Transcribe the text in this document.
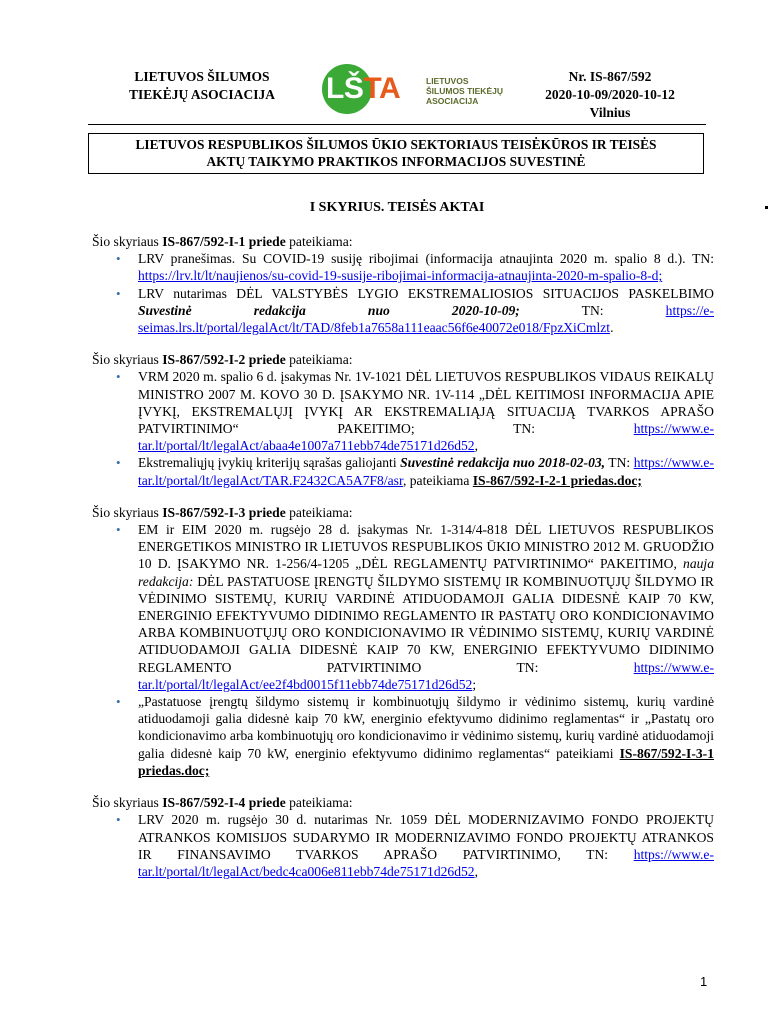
LIETUVOS ŠILUMOS
TIEKĖJŲ ASOCIACIJA	LŠTA	LIETUVOS
ŠILUMOS TIEKĖJŲ
ASOCIACIJA
Nr. IS-867/592
2020-10-09/2020-10-12
Vilnius
LIETUVOS RESPUBLIKOS ŠILUMOS ŪKIO SEKTORIAUS TEISĖKŪROS IR TEISĖS
AKTŲ TAIKYMO PRAKTIKOS INFORMACIJOS SUVESTINĖ
I SKYRIUS. TEISĖS AKTAI

Šio skyriaus IS-867/592-I-1 priede pateikiama:

• LRV pranešimas. Su COVID-19 susiję ribojimai (informacija atnaujinta 2020 m. spalio 8 d.). TN: https://lrv.lt/lt/naujienos/su-covid-19-susije-ribojimai-informacija-atnaujinta-2020-m-spalio-8-d;
• LRV nutarimas DĖL VALSTYBĖS LYGIO EKSTREMALIOSIOS SITUACIJOS PASKELBIMO Suvestinė redakcija nuo 2020-10-09; TN: https://e-seimas.lrs.lt/portal/legalAct/lt/TAD/8feb1a7658a111eaac56f6e40072e018/FpzXiCmlzt.

Šio skyriaus IS-867/592-I-2 priede pateikiama:

• VRM 2020 m. spalio 6 d. įsakymas Nr. 1V-1021 DĖL LIETUVOS RESPUBLIKOS VIDAUS REIKALŲ MINISTRO 2007 M. KOVO 30 D. ĮSAKYMO NR. 1V-114 „DĖL KEITIMOSI INFORMACIJA APIE ĮVYKĮ, EKSTREMALŲJĮ ĮVYKĮ AR EKSTREMALIĄJĄ SITUACIJĄ TVARKOS APRAŠO PATVIRTINIMO“ PAKEITIMO; TN: https://www.e-tar.lt/portal/lt/legalAct/abaa4e1007a711ebb74de75171d26d52,
• Ekstremaliųjų įvykių kriterijų sąrašas galiojanti Suvestinė redakcija nuo 2018-02-03, TN: https://www.e-tar.lt/portal/lt/legalAct/TAR.F2432CA5A7F8/asr, pateikiama IS-867/592-I-2-1 priedas.doc;

Šio skyriaus IS-867/592-I-3 priede pateikiama:

• EM ir EIM 2020 m. rugsėjo 28 d. įsakymas Nr. 1-314/4-818 DĖL LIETUVOS RESPUBLIKOS ENERGETIKOS MINISTRO IR LIETUVOS RESPUBLIKOS ŪKIO MINISTRO 2012 M. GRUODŽIO 10 D. ĮSAKYMO NR. 1-256/4-1205 „DĖL REGLAMENTŲ PATVIRTINIMO“ PAKEITIMO, nauja redakcija: DĖL PASTATUOSE ĮRENGTŲ ŠILDYMO SISTEMŲ IR KOMBINUOTŲJŲ ŠILDYMO IR VĖDINIMO SISTEMŲ, KURIŲ VARDINĖ ATIDUODAMOJI GALIA DIDESNĖ KAIP 70 KW, ENERGINIO EFEKTYVUMO DIDINIMO REGLAMENTO IR PASTATŲ ORO KONDICIONAVIMO ARBA KOMBINUOTŲJŲ ORO KONDICIONAVIMO IR VĖDINIMO SISTEMŲ, KURIŲ VARDINĖ ATIDUODAMOJI GALIA DIDESNĖ KAIP 70 KW, ENERGINIO EFEKTYVUMO DIDINIMO REGLAMENTO PATVIRTINIMO TN: https://www.e-tar.lt/portal/lt/legalAct/ee2f4bd0015f11ebb74de75171d26d52;
• „Pastatuose įrengtų šildymo sistemų ir kombinuotųjų šildymo ir vėdinimo sistemų, kurių vardinė atiduodamoji galia didesnė kaip 70 kW, energinio efektyvumo didinimo reglamentas“ ir „Pastatų oro kondicionavimo arba kombinuotųjų oro kondicionavimo ir vėdinimo sistemų, kurių vardinė atiduodamoji galia didesnė kaip 70 kW, energinio efektyvumo didinimo reglamentas“ pateikiami IS-867/592-I-3-1 priedas.doc;

Šio skyriaus IS-867/592-I-4 priede pateikiama:

• LRV 2020 m. rugsėjo 30 d. nutarimas Nr. 1059 DĖL MODERNIZAVIMO FONDO PROJEKTŲ ATRANKOS KOMISIJOS SUDARYMO IR MODERNIZAVIMO FONDO PROJEKTŲ ATRANKOS IR FINANSAVIMO TVARKOS APRAŠO PATVIRTINIMO, TN: https://www.e-tar.lt/portal/lt/legalAct/bedc4ca006e811ebb74de75171d26d52,
1
